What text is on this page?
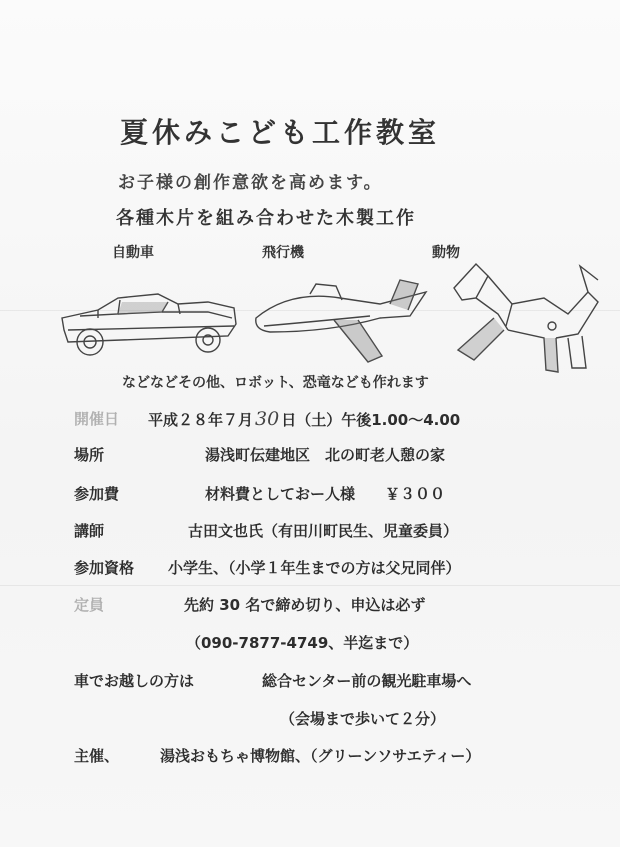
夏休みこども工作教室
お子様の創作意欲を高めます。
各種木片を組み合わせた木製工作
自動車	飛行機	動物
などなどその他、ロボット、恐竜なども作れます
開催日 平成２８年７月 30 日（土）午後1.00～4.00
場所	湯浅町伝建地区　北の町老人憩の家
参加費	材料費としておー人様　　￥３００
講師	古田文也氏（有田川町民生、児童委員）
参加資格 小学生、（小学１年生までの方は父兄同伴）
定員	先約 30 名で締め切り、申込は必ず
（090-7877-4749、半迄まで）
車でお越しの方は	総合センター前の観光駐車場へ
（会場まで歩いて２分）
主催、	湯浅おもちゃ博物館、（グリーンソサエティー）
